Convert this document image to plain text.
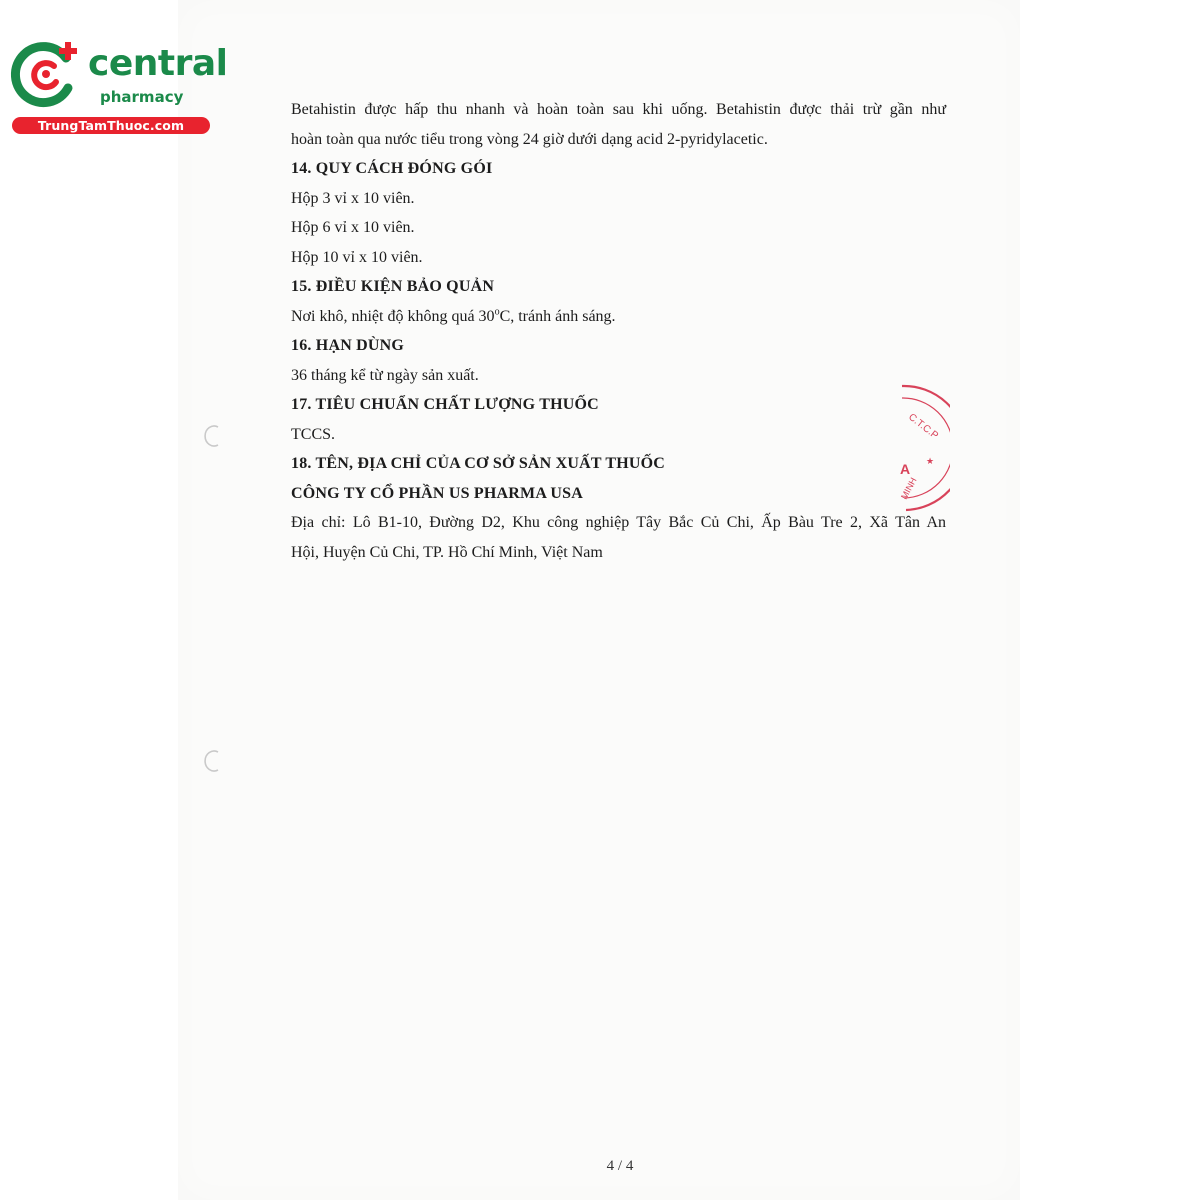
central
pharmacy
TrungTamThuoc.com
Betahistin được hấp thu nhanh và hoàn toàn sau khi uống. Betahistin được thải trừ gần như
hoàn toàn qua nước tiểu trong vòng 24 giờ dưới dạng acid 2-pyridylacetic.
14. QUY CÁCH ĐÓNG GÓI
Hộp 3 vỉ x 10 viên.
Hộp 6 vỉ x 10 viên.
Hộp 10 vỉ x 10 viên.
15. ĐIỀU KIỆN BẢO QUẢN
Nơi khô, nhiệt độ không quá 30$^o$C, tránh ánh sáng.
16. HẠN DÙNG
36 tháng kể từ ngày sản xuất.
17. TIÊU CHUẨN CHẤT LƯỢNG THUỐC
TCCS.
18. TÊN, ĐỊA CHỈ CỦA CƠ SỞ SẢN XUẤT THUỐC
CÔNG TY CỔ PHẦN US PHARMA USA
Địa chỉ: Lô B1-10, Đường D2, Khu công nghiệp Tây Bắc Củ Chi, Ấp Bàu Tre 2, Xã Tân An
Hội, Huyện Củ Chi, TP. Hồ Chí Minh, Việt Nam
C.T.C.P
A ★
MINH
4 / 4
